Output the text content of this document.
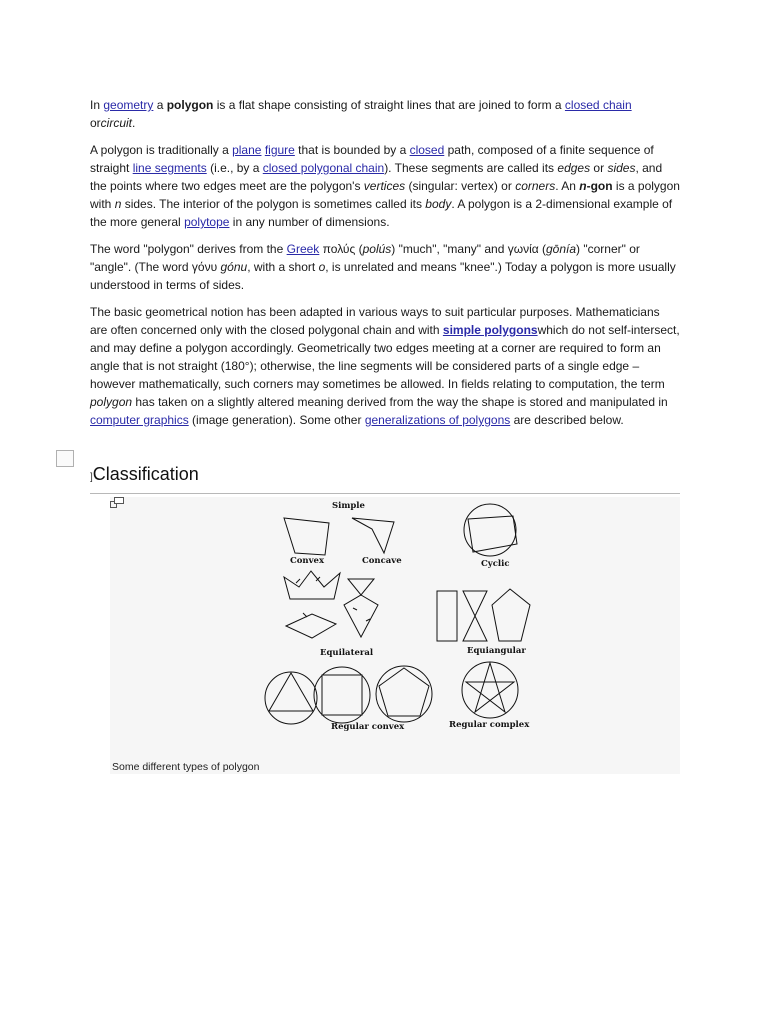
In geometry a polygon is a flat shape consisting of straight lines that are joined to form a closed chain orcircuit.

A polygon is traditionally a plane figure that is bounded by a closed path, composed of a finite sequence of straight line segments (i.e., by a closed polygonal chain). These segments are called its edges or sides, and the points where two edges meet are the polygon's vertices (singular: vertex) or corners. An n-gon is a polygon with n sides. The interior of the polygon is sometimes called its body. A polygon is a 2-dimensional example of the more general polytope in any number of dimensions.

The word "polygon" derives from the Greek πολύς (polús) "much", "many" and γωνία (gōnía) "corner" or "angle". (The word γόνυ gónu, with a short o, is unrelated and means "knee".) Today a polygon is more usually understood in terms of sides.

The basic geometrical notion has been adapted in various ways to suit particular purposes. Mathematicians are often concerned only with the closed polygonal chain and with simple polygonswhich do not self-intersect, and may define a polygon accordingly. Geometrically two edges meeting at a corner are required to form an angle that is not straight (180°); otherwise, the line segments will be considered parts of a single edge – however mathematically, such corners may sometimes be allowed. In fields relating to computation, the term polygon has taken on a slightly altered meaning derived from the way the shape is stored and manipulated in computer graphics (image generation). Some other generalizations of polygons are described below.

]Classification
Simple
Convex	Concave	Cyclic
Equilateral	Equiangular
Regular convex	Regular complex
Some different types of polygon
